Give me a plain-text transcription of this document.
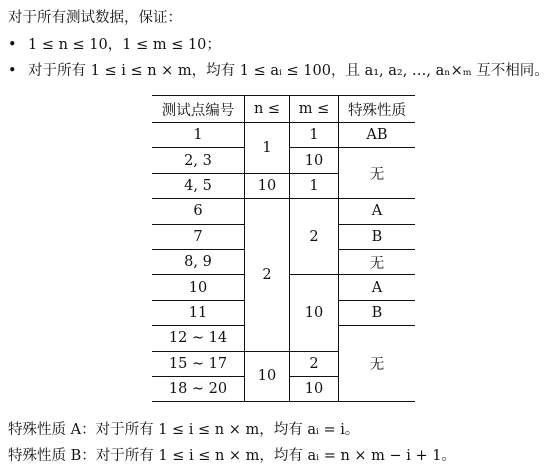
对于所有测试数据，保证：
• 1 ≤ n ≤ 10，1 ≤ m ≤ 10；
• 对于所有 1 ≤ i ≤ n × m，均有 1 ≤ aᵢ ≤ 100，且 a₁, a₂, …, aₙ×ₘ 互不相同。
测试点编号	n ≤	m ≤	特殊性质
1	1	1	AB
2, 3		10	无
4, 5	10	1	
6	2	2	A
7			B
8, 9			无
10		10	A
11			B
12 ∼ 14			无
15 ∼ 17	10	2	
18 ∼ 20		10	
特殊性质 A：对于所有 1 ≤ i ≤ n × m，均有 aᵢ = i。
特殊性质 B：对于所有 1 ≤ i ≤ n × m，均有 aᵢ = n × m − i + 1。
